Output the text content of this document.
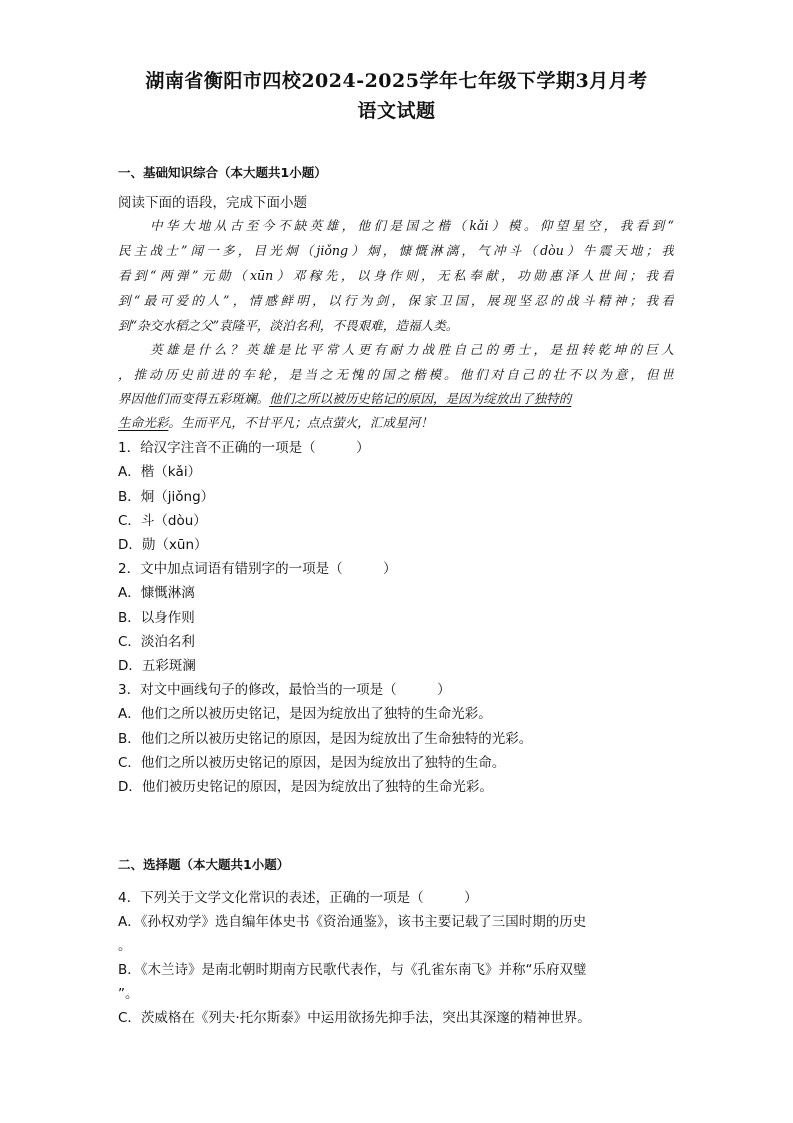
湖南省衡阳市四校2024-2025学年七年级下学期3月月考
语文试题
一、基础知识综合（本大题共1小题）
阅读下面的语段，完成下面小题
　　中华大地从古至今不缺英雄，他们是国之楷（kǎi）模。仰望星空，我看到“
民主战士”闻一多，目光炯（jiǒng）炯，慷慨淋漓，气冲斗（dòu）牛震天地；我
看到“两弹”元勋（xūn）邓稼先，以身作则，无私奉献，功勋惠泽人世间；我看
到“最可爱的人”，情感鲜明，以行为剑，保家卫国，展现坚忍的战斗精神；我看
到“杂交水稻之父”袁隆平，淡泊名利，不畏艰难，造福人类。
　　英雄是什么？英雄是比平常人更有耐力战胜自己的勇士，是扭转乾坤的巨人
，推动历史前进的车轮，是当之无愧的国之楷模。他们对自己的壮不以为意，但世
界因他们而变得五彩斑斓。他们之所以被历史铭记的原因，是因为绽放出了独特的
生命光彩。生而平凡，不甘平凡；点点萤火，汇成星河！
1．给汉字注音不正确的一项是（　　　）
A．楷（kǎi）
B．炯（jiǒng）
C．斗（dòu）
D．勋（xūn）
2．文中加点词语有错别字的一项是（　　　）
A．慷慨淋漓
B．以身作则
C．淡泊名利
D．五彩斑澜
3．对文中画线句子的修改，最恰当的一项是（　　　）
A．他们之所以被历史铭记，是因为绽放出了独特的生命光彩。
B．他们之所以被历史铭记的原因，是因为绽放出了生命独特的光彩。
C．他们之所以被历史铭记的原因，是因为绽放出了独特的生命。
D．他们被历史铭记的原因，是因为绽放出了独特的生命光彩。
二、选择题（本大题共1小题）
4．下列关于文学文化常识的表述，正确的一项是（　　　）
A．《孙权劝学》选自编年体史书《资治通鉴》，该书主要记载了三国时期的历史
。
B．《木兰诗》是南北朝时期南方民歌代表作，与《孔雀东南飞》并称“乐府双璧
”。
C．茨威格在《列夫·托尔斯泰》中运用欲扬先抑手法，突出其深邃的精神世界。
